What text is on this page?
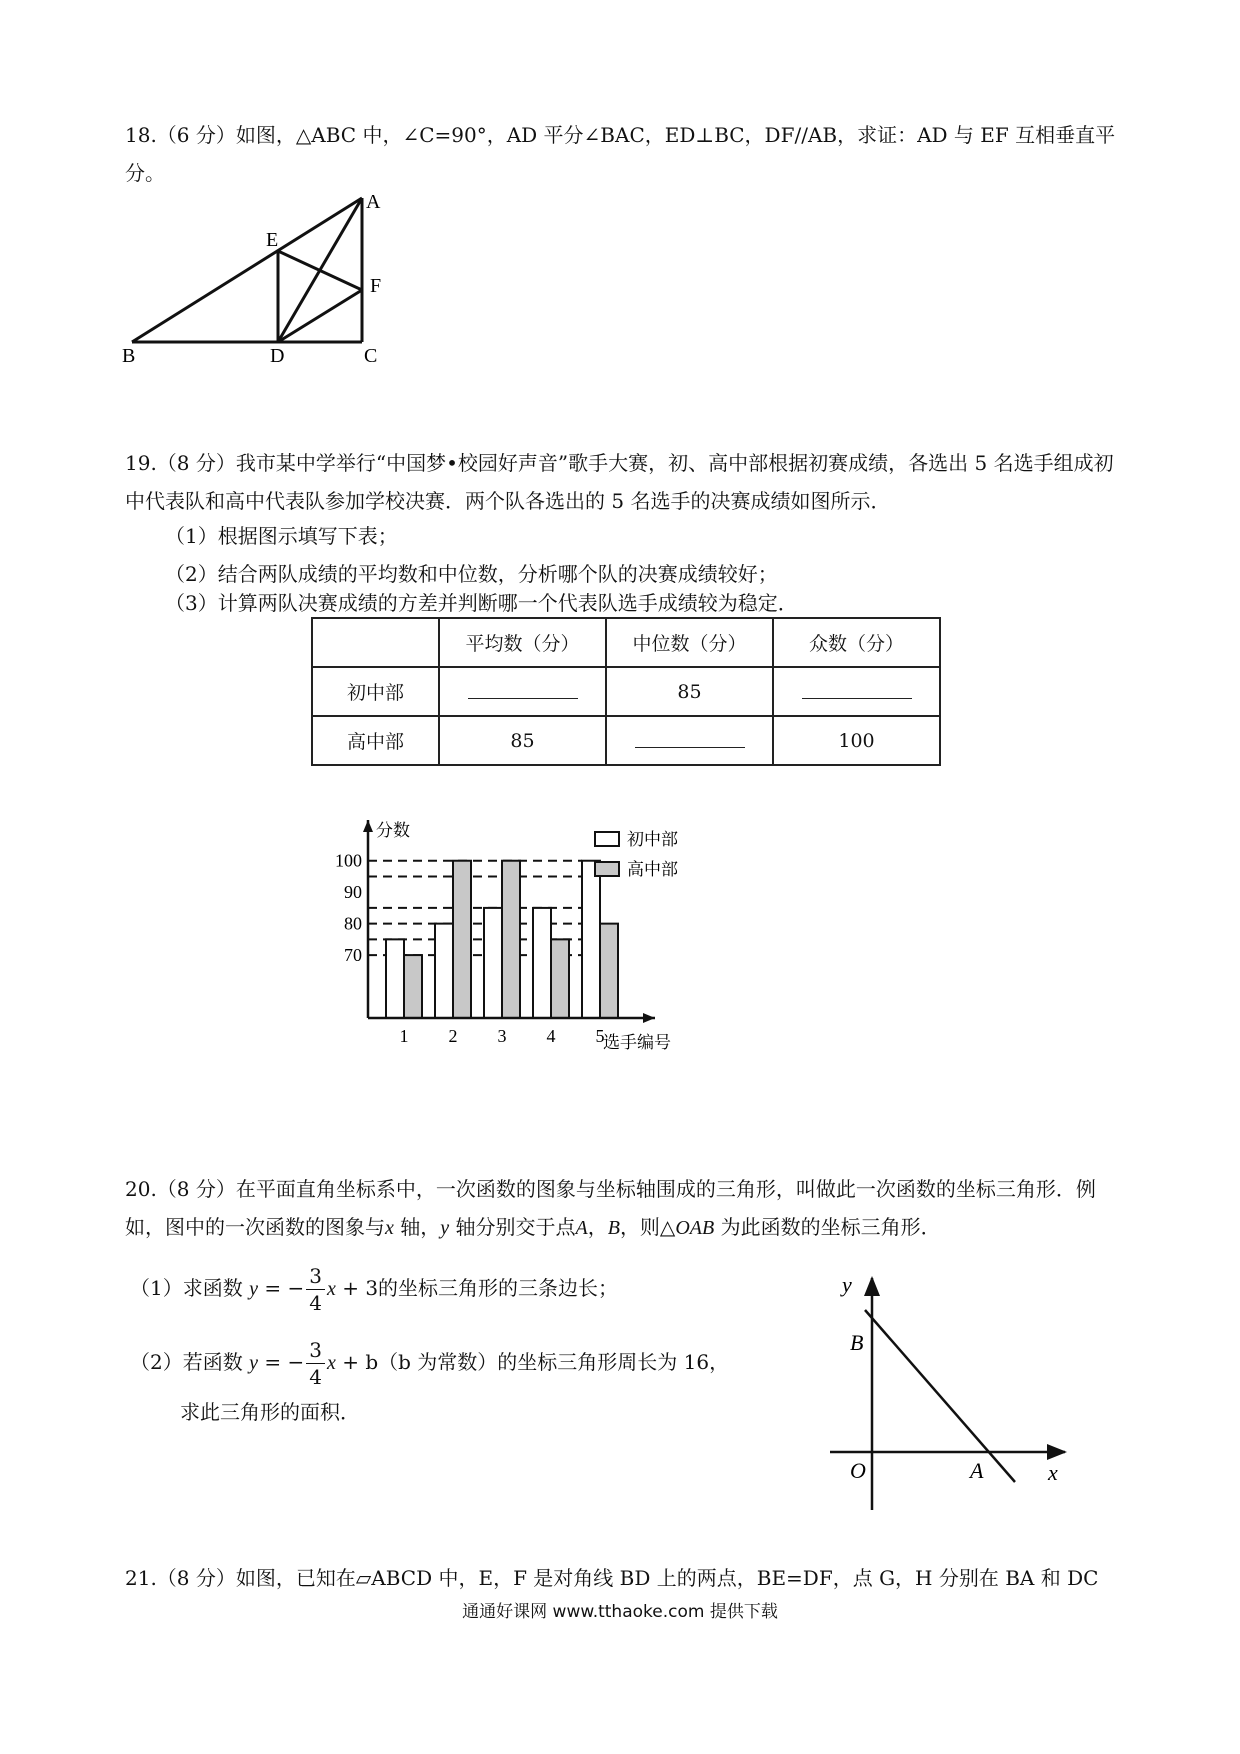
18.（6 分）如图，△ABC 中，∠C=90°，AD 平分∠BAC，ED⊥BC，DF//AB，求证：AD 与 EF 互相垂直平分。

A
B	C
D
E
F

19.（8 分）我市某中学举行“中国梦•校园好声音”歌手大赛，初、高中部根据初赛成绩，各选出 5 名选手组成初中代表队和高中代表队参加学校决赛．两个队各选出的 5 名选手的决赛成绩如图所示．

（1）根据图示填写下表；

（2）结合两队成绩的平均数和中位数，分析哪个队的决赛成绩较好；

（3）计算两队决赛成绩的方差并判断哪一个代表队选手成绩较为稳定．

	平均数（分）	中位数（分）	众数（分）
初中部		85	
高中部	85		100
1 2 3 4 5
70
80
90
100
分数
选手编号
初中部
高中部

20.（8 分）在平面直角坐标系中，一次函数的图象与坐标轴围成的三角形，叫做此一次函数的坐标三角形．例

如，图中的一次函数的图象与x 轴，y 轴分别交于点A，B，则△OAB 为此函数的坐标三角形．

（1）求函数 y = − $\frac{3}{4}$ x + 3的坐标三角形的三条边长；
（2）若函数 y = − $\frac{3}{4}$ x + b（b 为常数）的坐标三角形周长为 16，

求此三角形的面积．

y
x
O	A
B

21.（8 分）如图，已知在▱ABCD 中，E，F 是对角线 BD 上的两点，BE=DF，点 G，H 分别在 BA 和 DC

通通好课网 www.tthaoke.com 提供下载
